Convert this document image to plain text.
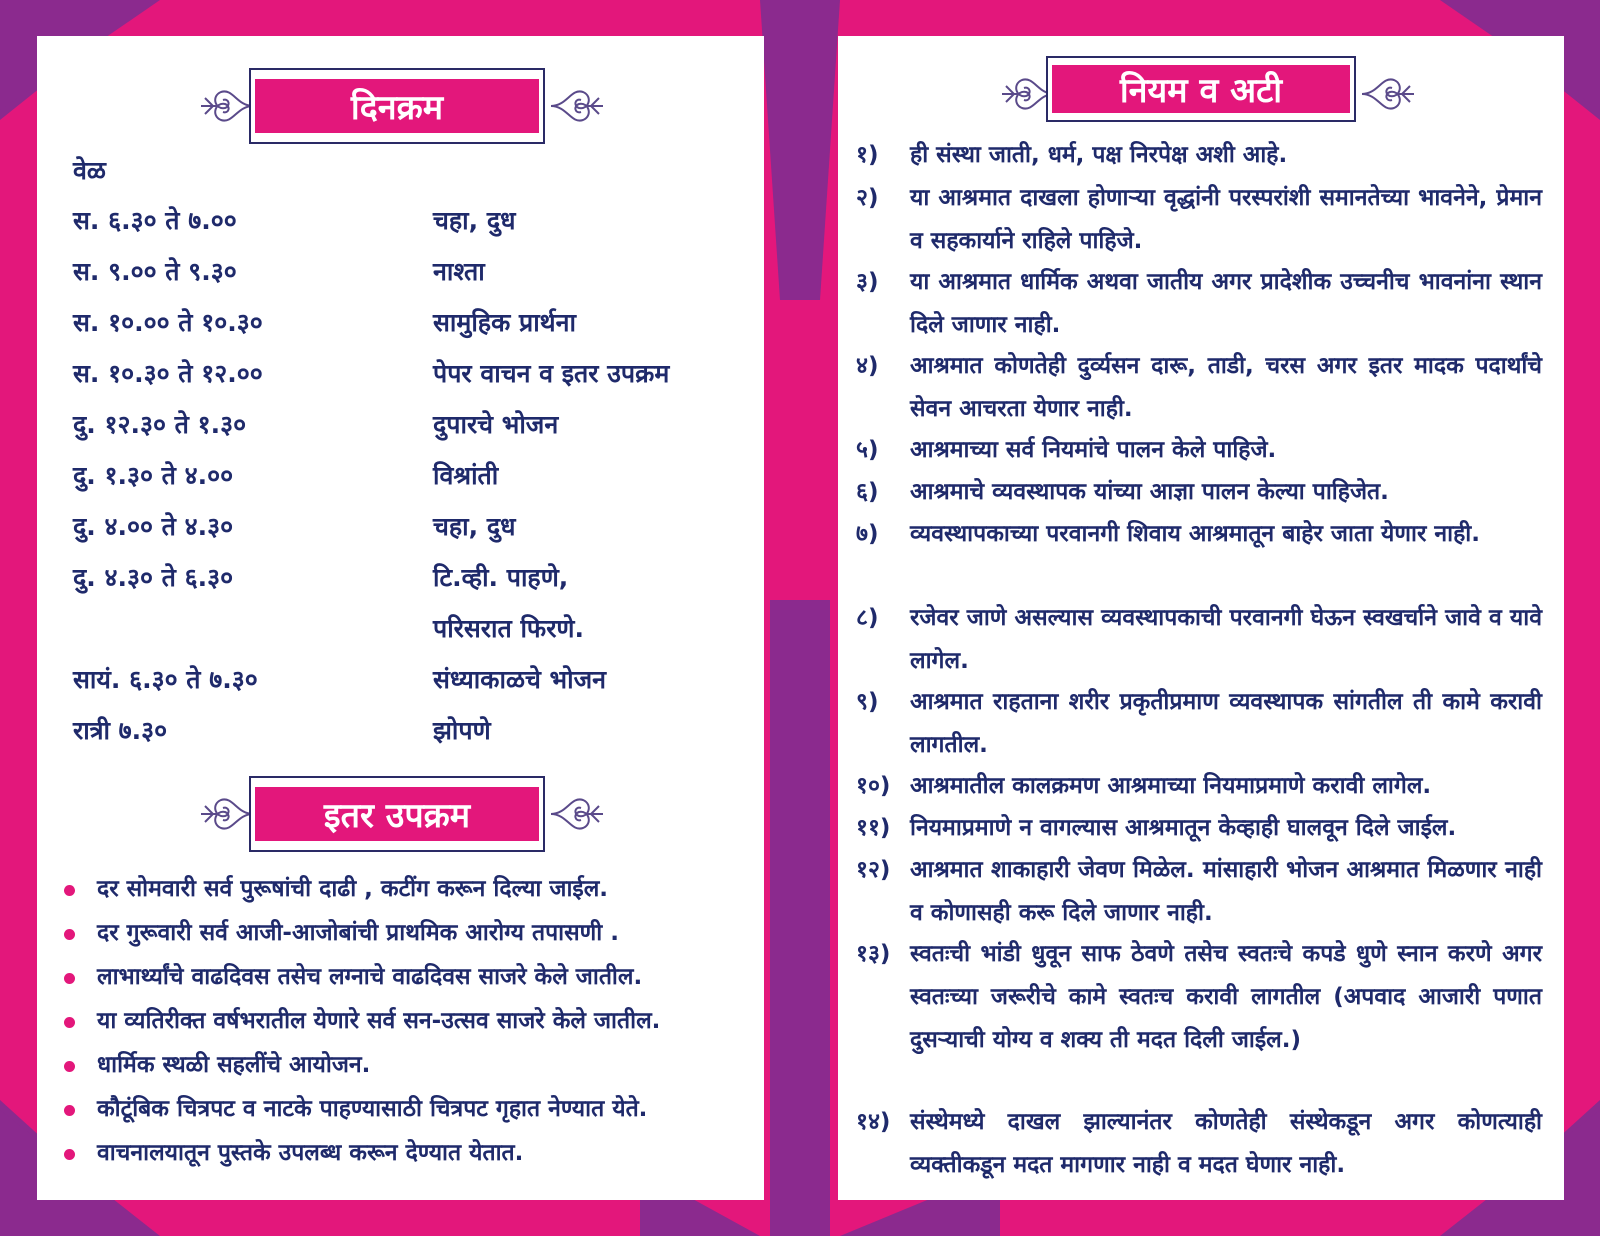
दिनक्रम
वेळ
स. ६.३० ते ७.००	चहा, दुध
स. ९.०० ते ९.३०	नाश्ता
स. १०.०० ते १०.३०	सामुहिक प्रार्थना
स. १०.३० ते १२.००	पेपर वाचन व इतर उपक्रम
दु. १२.३० ते १.३०	दुपारचे भोजन
दु. १.३० ते ४.००	विश्रांती
दु. ४.०० ते ४.३०	चहा, दुध
दु. ४.३० ते ६.३०	टि.व्ही. पाहणे,
परिसरात फिरणे.
सायं. ६.३० ते ७.३०	संध्याकाळचे भोजन
रात्री ७.३०	झोपणे
इतर उपक्रम
दर सोमवारी सर्व पुरूषांची दाढी , कटींग करून दिल्या जाईल.
दर गुरूवारी सर्व आजी-आजोबांची प्राथमिक आरोग्य तपासणी .
लाभार्थ्यांचे वाढदिवस तसेच लग्नाचे वाढदिवस साजरे केले जातील.
या व्यतिरीक्त वर्षभरातील येणारे सर्व सन-उत्सव साजरे केले जातील.
धार्मिक स्थळी सहलींचे आयोजन.
कौटूंबिक चित्रपट व नाटके पाहण्यासाठी चित्रपट गृहात नेण्यात येते.
वाचनालयातून पुस्तके उपलब्ध करून देण्यात येतात.
नियम व अटी
१) ही संस्था जाती, धर्म, पक्ष निरपेक्ष अशी आहे.
२) या आश्रमात दाखला होणाऱ्या वृद्धांनी परस्परांशी समानतेच्या भावनेने, प्रेमान व सहकार्याने राहिले पाहिजे.
३) या आश्रमात धार्मिक अथवा जातीय अगर प्रादेशीक उच्चनीच भावनांना स्थान दिले जाणार नाही.
४) आश्रमात कोणतेही दुर्व्यसन दारू, ताडी, चरस अगर इतर मादक पदार्थांचे सेवन आचरता येणार नाही.
५) आश्रमाच्या सर्व नियमांचे पालन केले पाहिजे.
६) आश्रमाचे व्यवस्थापक यांच्या आज्ञा पालन केल्या पाहिजेत.
७) व्यवस्थापकाच्या परवानगी शिवाय आश्रमातून बाहेर जाता येणार नाही.
८) रजेवर जाणे असल्यास व्यवस्थापकाची परवानगी घेऊन स्वखर्चाने जावे व यावे लागेल.
९) आश्रमात राहताना शरीर प्रकृतीप्रमाण व्यवस्थापक सांगतील ती कामे करावी लागतील.
१०) आश्रमातील कालक्रमण आश्रमाच्या नियमाप्रमाणे करावी लागेल.
११) नियमाप्रमाणे न वागल्यास आश्रमातून केव्हाही घालवून दिले जाईल.
१२) आश्रमात शाकाहारी जेवण मिळेल. मांसाहारी भोजन आश्रमात मिळणार नाही व कोणासही करू दिले जाणार नाही.
१३) स्वतःची भांडी धुवून साफ ठेवणे तसेच स्वतःचे कपडे धुणे स्नान करणे अगर स्वतःच्या जरूरीचे कामे स्वतःच करावी लागतील (अपवाद आजारी पणात दुसऱ्याची योग्य व शक्य ती मदत दिली जाईल.)
१४) संस्थेमध्ये दाखल झाल्यानंतर कोणतेही संस्थेकडून अगर कोणत्याही व्यक्तीकडून मदत मागणार नाही व मदत घेणार नाही.
